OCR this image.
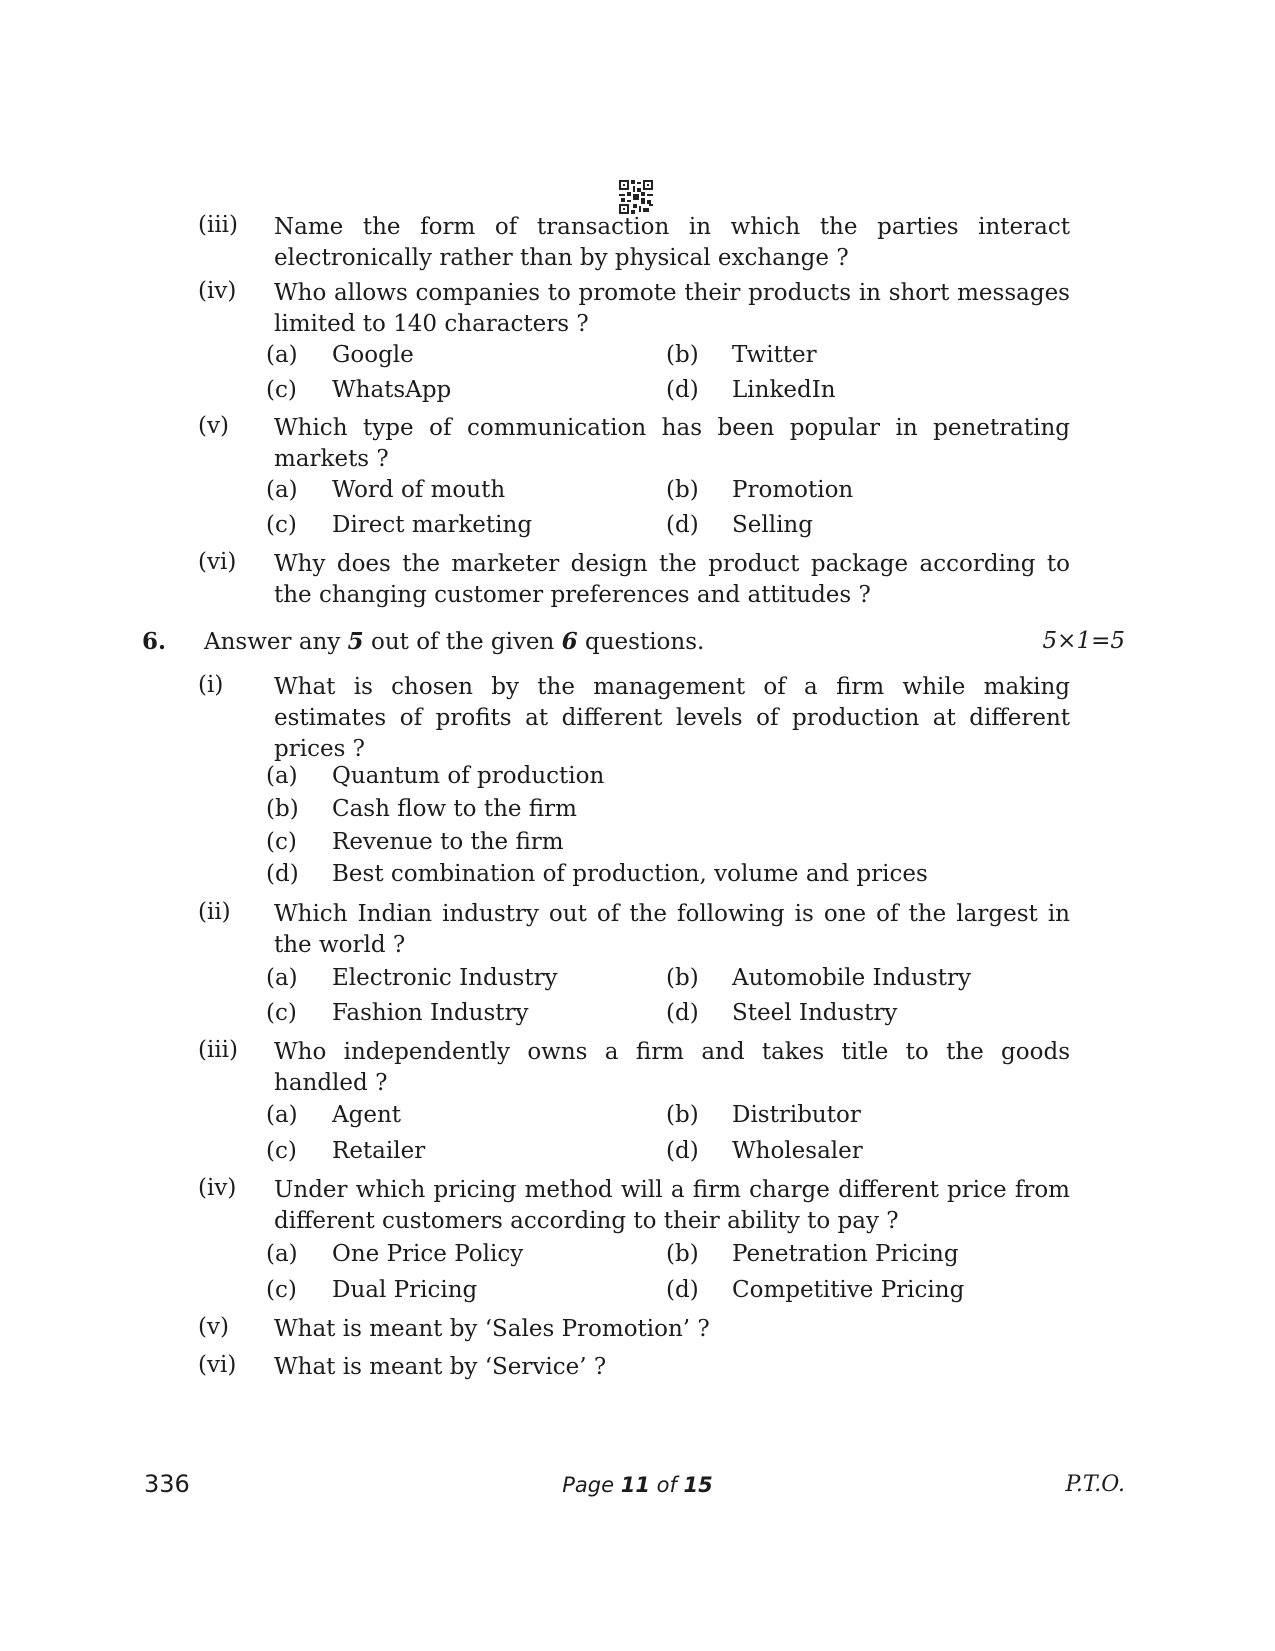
(iii) Name the form of transaction in which the parties interact electronically rather than by physical exchange ?
(iv) Who allows companies to promote their products in short messages limited to 140 characters ?
(a) Google	(b) Twitter
(c) WhatsApp	(d) LinkedIn
(v) Which type of communication has been popular in penetrating markets ?
(a) Word of mouth	(b) Promotion
(c) Direct marketing	(d) Selling
(vi) Why does the marketer design the product package according to the changing customer preferences and attitudes ?
6. Answer any 5 out of the given 6 questions.	5×1=5
(i) What is chosen by the management of a firm while making estimates of profits at different levels of production at different prices ?
(a) Quantum of production
(b) Cash flow to the firm
(c) Revenue to the firm
(d) Best combination of production, volume and prices
(ii) Which Indian industry out of the following is one of the largest in the world ?
(a) Electronic Industry	(b) Automobile Industry
(c) Fashion Industry	(d) Steel Industry
(iii) Who independently owns a firm and takes title to the goods handled ?
(a) Agent	(b) Distributor
(c) Retailer	(d) Wholesaler
(iv) Under which pricing method will a firm charge different price from different customers according to their ability to pay ?
(a) One Price Policy	(b) Penetration Pricing
(c) Dual Pricing	(d) Competitive Pricing
(v) What is meant by ‘Sales Promotion’ ?
(vi) What is meant by ‘Service’ ?
336	Page 11 of 15	P.T.O.
